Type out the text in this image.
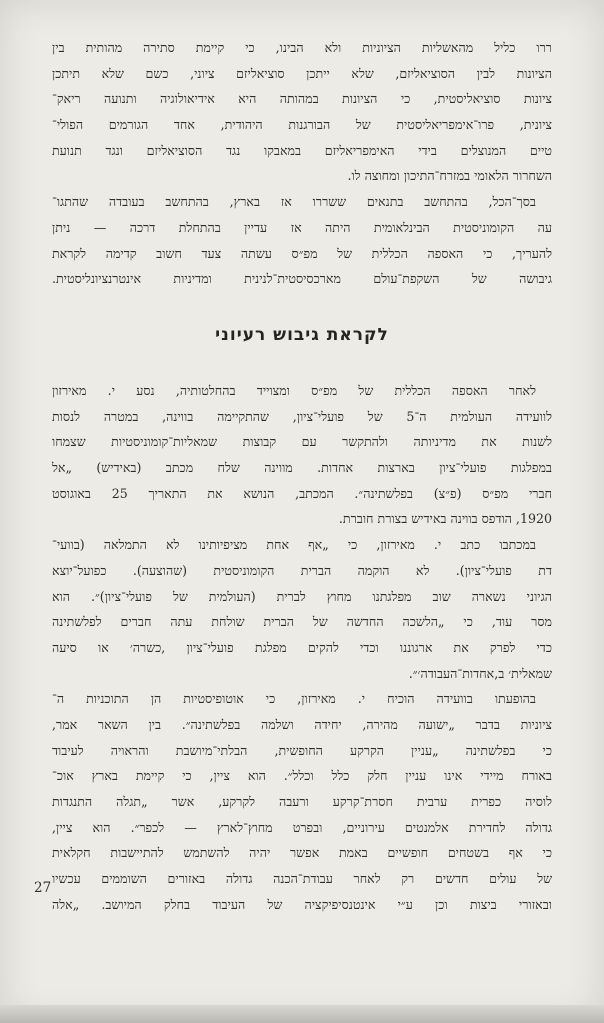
ררו כליל מהאשליות הציוניות ולא הבינו, כי קיימת סתירה מהותית בין
הציונות לבין הסוציאליזם, שלא ייתכן סוציאליזם ציוני, כשם שלא תיתכן
ציונות סוציאליסטית, כי הציונות במהותה היא אידיאולוגיה ותנועה ריאק־
ציונית, פרו־אימפריאליסטית של הבורגנות היהודית, אחד הגורמים הפולי־
טיים המנוצלים בידי האימפריאליזם במאבקו נגד הסוציאליזם ונגד תנועת
השחרור הלאומי במזרח־התיכון ומחוצה לו.
בסך־הכל, בהתחשב בתנאים ששררו אז בארץ, בהתחשב בעובדה שהתגו־
עה הקומוניסטית הבינלאומית היתה אז עדיין בהתחלת דרכה — ניתן
להעריך, כי האספה הכללית של מפ״ס עשתה צעד חשוב קדימה לקראת
גיבושה של השקפת־עולם מארכסיסטית־לנינית ומדיניות אינטרנציונליסטית.
לקראת גיבוש רעיוני
לאחר האספה הכללית של מפ״ס ומצוייד בהחלטותיה, נסע י. מאירזון
לוועידה העולמית ה־5 של פועלי־ציון, שהתקיימה בווינה, במטרה לנסות
לשנות את מדיניותה ולהתקשר עם קבוצות שמאליות־קומוניסטיות שצמחו
במפלגות פועלי־ציון בארצות אחדות. מווינה שלח מכתב (באידיש) „אל
חברי מפ״ס (פ״צ) בפלשתינה״. המכתב, הנושא את התאריך 25 באוגוסט
1920, הודפס בווינה באידיש בצורת חוברת.
במכתבו כתב י. מאירזון, כי „אף אחת מציפיותינו לא התמלאה (בוועי־
דת פועלי־ציון). לא הוקמה הברית הקומוניסטית (שהוצעה). כפועל־יוצא
הגיוני נשארה שוב מפלגתנו מחוץ לברית (העולמית של פועלי־ציון)״. הוא
מסר עוד, כי „הלשכה החדשה של הברית שולחת עתה חברים לפלשתינה
כדי לפרק את ארגוננו וכדי להקים מפלגת פועלי־ציון ,כשרה׳ או סיעה
שמאלית׳ ב,אחדות־העבודה׳״.
בהופעתו בוועידה הוכיח י. מאירזון, כי אוטופיסטיות הן התוכניות ה־
ציוניות בדבר „ישועה מהירה, יחידה ושלמה בפלשתינה״. בין השאר אמר,
כי בפלשתינה „עניין הקרקע החופשית, הבלתי־מיושבת והראויה לעיבוד
באורח מיידי אינו עניין חלק כלל וכלל״. הוא ציין, כי קיימת בארץ אוכ־
לוסיה כפרית ערבית חסרת־קרקע ורעבה לקרקע, אשר „תגלה התנגדות
גדולה לחדירת אלמנטים עירוניים, ובפרט מחוץ־לארץ — לכפר״. הוא ציין,
כי אף בשטחים חופשיים באמת אפשר יהיה להשתמש להתיישבות חקלאית
של עולים חדשים רק לאחר עבודת־הכנה גדולה באזורים השוממים עכשיו
ובאזורי ביצות וכן ע״י אינטנסיפיקציה של העיבוד בחלק המיושב. „אלה
27
